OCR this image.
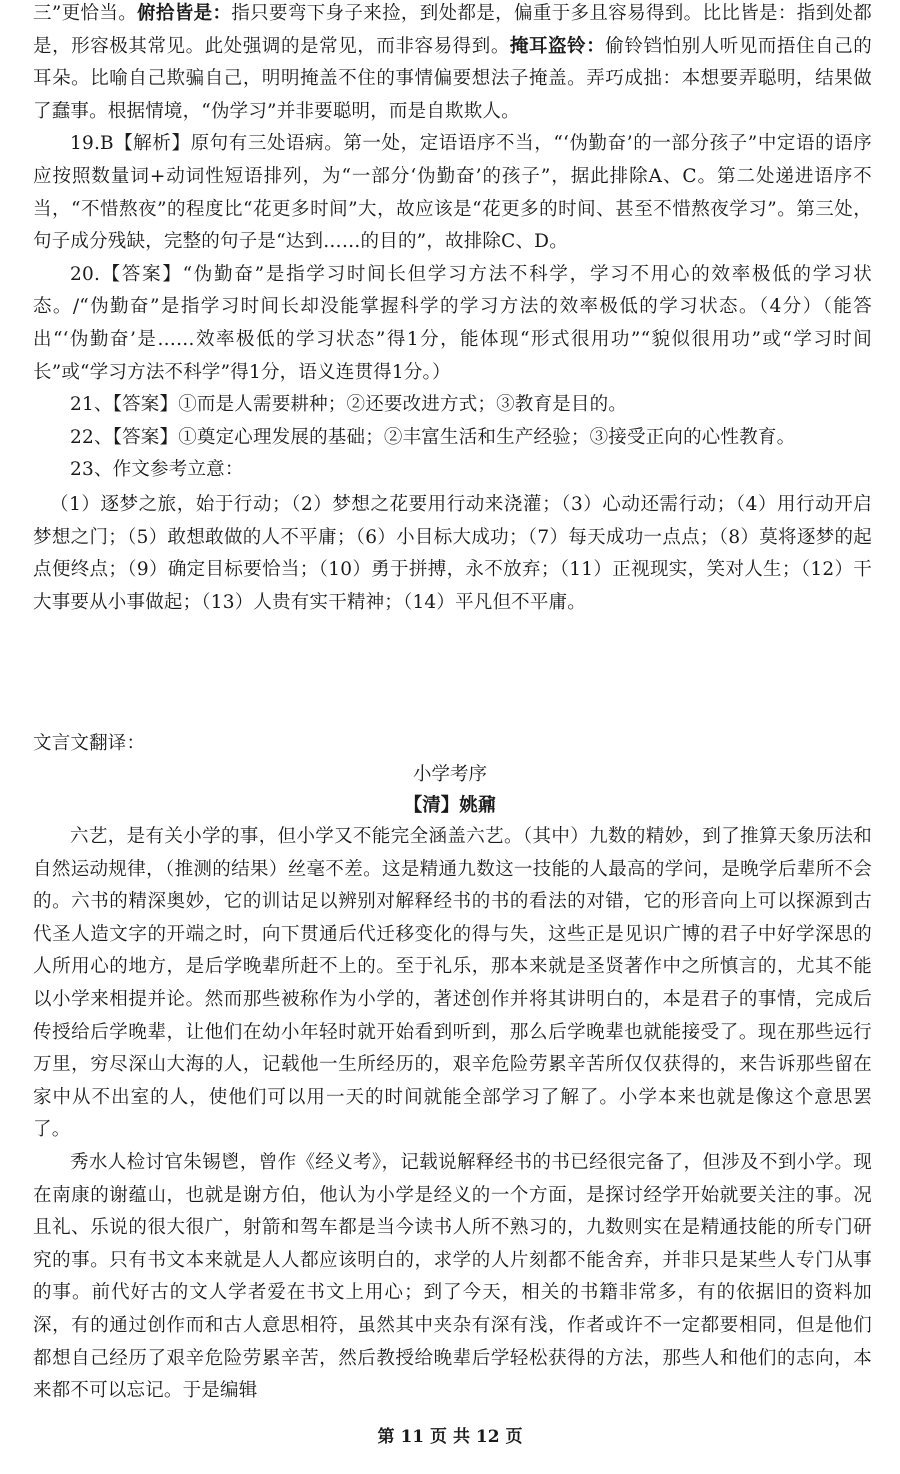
三”更恰当。俯拾皆是：指只要弯下身子来捡，到处都是，偏重于多且容易得到。比比皆是：指到处都是，形容极其常见。此处强调的是常见，而非容易得到。掩耳盗铃：偷铃铛怕别人听见而捂住自己的耳朵。比喻自己欺骗自己，明明掩盖不住的事情偏要想法子掩盖。弄巧成拙：本想要弄聪明，结果做了蠢事。根据情境，“伪学习”并非要聪明，而是自欺欺人。

19.B【解析】原句有三处语病。第一处，定语语序不当，“‘伪勤奋’的一部分孩子”中定语的语序应按照数量词+动词性短语排列，为“一部分‘伪勤奋’的孩子”，据此排除A、C。第二处递进语序不当，“不惜熬夜”的程度比“花更多时间”大，故应该是“花更多的时间、甚至不惜熬夜学习”。第三处，句子成分残缺，完整的句子是“达到……的目的”，故排除C、D。

20.【答案】“伪勤奋”是指学习时间长但学习方法不科学，学习不用心的效率极低的学习状态。/“伪勤奋”是指学习时间长却没能掌握科学的学习方法的效率极低的学习状态。（4分）（能答出“‘伪勤奋’是……效率极低的学习状态”得1分，能体现“形式很用功”“貌似很用功”或“学习时间长”或“学习方法不科学”得1分，语义连贯得1分。）

21、【答案】①而是人需要耕种；②还要改进方式；③教育是目的。

22、【答案】①奠定心理发展的基础；②丰富生活和生产经验；③接受正向的心性教育。

23、作文参考立意：

（1）逐梦之旅，始于行动；（2）梦想之花要用行动来浇灌；（3）心动还需行动；（4）用行动开启梦想之门；（5）敢想敢做的人不平庸；（6）小目标大成功；（7）每天成功一点点；（8）莫将逐梦的起点便终点；（9）确定目标要恰当；（10）勇于拼搏，永不放弃；（11）正视现实，笑对人生；（12）干大事要从小事做起；（13）人贵有实干精神；（14）平凡但不平庸。

文言文翻译：

小学考序
【清】姚鼐

六艺，是有关小学的事，但小学又不能完全涵盖六艺。（其中）九数的精妙，到了推算天象历法和自然运动规律，（推测的结果）丝毫不差。这是精通九数这一技能的人最高的学问，是晚学后辈所不会的。六书的精深奥妙，它的训诂足以辨别对解释经书的书的看法的对错，它的形音向上可以探源到古代圣人造文字的开端之时，向下贯通后代迁移变化的得与失，这些正是见识广博的君子中好学深思的人所用心的地方，是后学晚辈所赶不上的。至于礼乐，那本来就是圣贤著作中之所慎言的，尤其不能以小学来相提并论。然而那些被称作为小学的，著述创作并将其讲明白的，本是君子的事情，完成后传授给后学晚辈，让他们在幼小年轻时就开始看到听到，那么后学晚辈也就能接受了。现在那些远行万里，穷尽深山大海的人，记载他一生所经历的，艰辛危险劳累辛苦所仅仅获得的，来告诉那些留在家中从不出室的人，使他们可以用一天的时间就能全部学习了解了。小学本来也就是像这个意思罢了。

秀水人检讨官朱锡鬯，曾作《经义考》，记载说解释经书的书已经很完备了，但涉及不到小学。现在南康的谢蕴山，也就是谢方伯，他认为小学是经义的一个方面，是探讨经学开始就要关注的事。况且礼、乐说的很大很广，射箭和驾车都是当今读书人所不熟习的，九数则实在是精通技能的所专门研究的事。只有书文本来就是人人都应该明白的，求学的人片刻都不能舍弃，并非只是某些人专门从事的事。前代好古的文人学者爱在书文上用心；到了今天，相关的书籍非常多，有的依据旧的资料加深，有的通过创作而和古人意思相符，虽然其中夹杂有深有浅，作者或许不一定都要相同，但是他们都想自己经历了艰辛危险劳累辛苦，然后教授给晚辈后学轻松获得的方法，那些人和他们的志向，本来都不可以忘记。于是编辑

第 11 页 共 12 页
